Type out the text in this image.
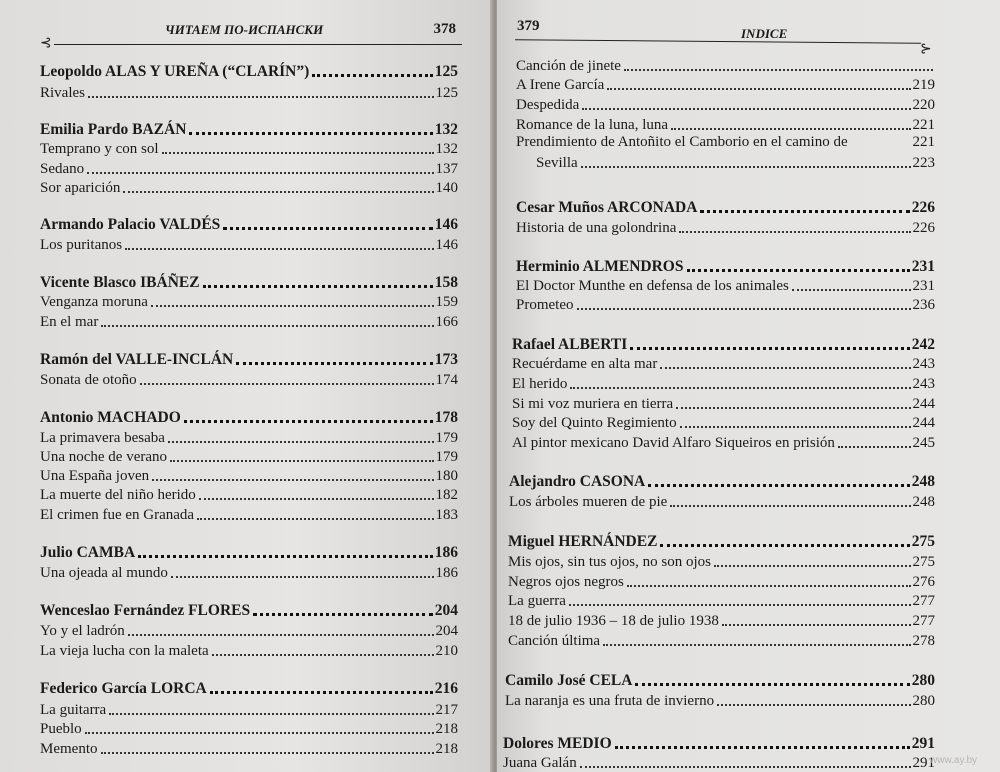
⊰
ЧИТАЕМ ПО-ИСПАНСКИ	378
Leopoldo ALAS Y UREÑA (“CLARÍN”)	125
Rivales	125
Emilia Pardo BAZÁN	132
Temprano y con sol	132
Sedano	137
Sor aparición	140
Armando Palacio VALDÉS	146
Los puritanos	146
Vicente Blasco IBÁÑEZ	158
Venganza moruna	159
En el mar	166
Ramón del VALLE-INCLÁN	173
Sonata de otoño	174
Antonio MACHADO	178
La primavera besaba	179
Una noche de verano	179
Una España joven	180
La muerte del niño herido	182
El crimen fue en Granada	183
Julio CAMBA	186
Una ojeada al mundo	186
Wenceslao Fernández FLORES	204
Yo y el ladrón	204
La vieja lucha con la maleta	210
Federico García LORCA	216
La guitarra	217
Pueblo	218
Memento	218
379	INDICE
⊱
Canción de jinete
A Irene García	219
Despedida	220
Romance de la luna, luna	221
Prendimiento de Antoñito el Camborio en el camino de	221
Sevilla	223
Cesar Muños ARCONADA	226
Historia de una golondrina	226
Herminio ALMENDROS	231
El Doctor Munthe en defensa de los animales	231
Prometeo	236
Rafael ALBERTI	242
Recuérdame en alta mar	243
El herido	243
Si mi voz muriera en tierra	244
Soy del Quinto Regimiento	244
Al pintor mexicano David Alfaro Siqueiros en prisión	245
Alejandro CASONA	248
Los árboles mueren de pie	248
Miguel HERNÁNDEZ	275
Mis ojos, sin tus ojos, no son ojos	275
Negros ojos negros	276
La guerra	277
18 de julio 1936 – 18 de julio 1938	277
Canción última	278
Camilo José CELA	280
La naranja es una fruta de invierno	280
Dolores MEDIO	291
Juana Galán	291
www.ay.by
